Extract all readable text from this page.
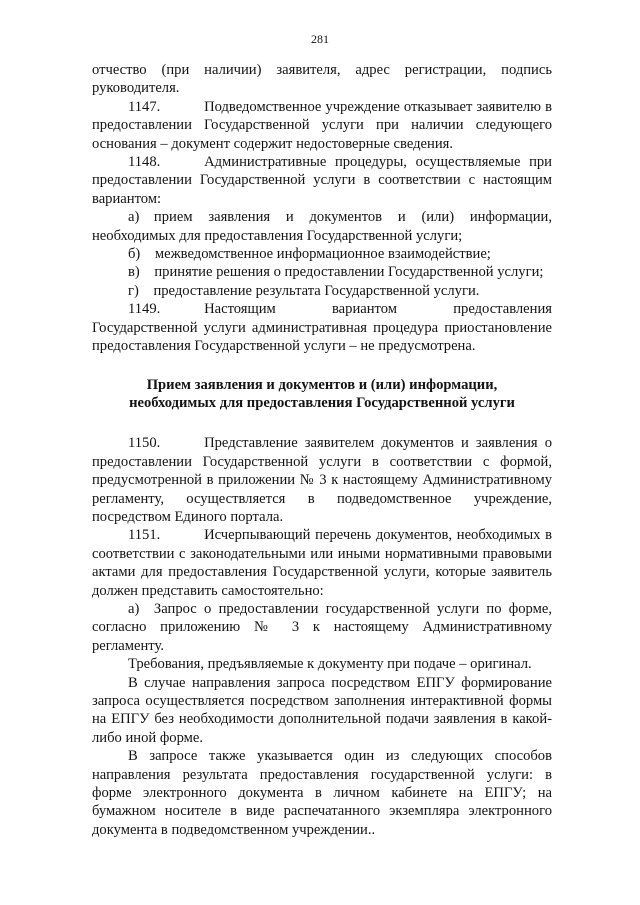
281

отчество (при наличии) заявителя, адрес регистрации, подпись руководителя.

1147.   Подведомственное учреждение отказывает заявителю в предоставлении Государственной услуги при наличии следующего основания – документ содержит недостоверные сведения.

1148.   Административные процедуры, осуществляемые при предоставлении Государственной услуги в соответствии с настоящим вариантом:

а) прием заявления и документов и (или) информации, необходимых для предоставления Государственной услуги;

б) межведомственное информационное взаимодействие;

в) принятие решения о предоставлении Государственной услуги;

г) предоставление результата Государственной услуги.

1149.   Настоящим вариантом предоставления Государственной услуги административная процедура приостановление предоставления Государственной услуги – не предусмотрена.

Прием заявления и документов и (или) информации,
необходимых для предоставления Государственной услуги

1150.   Представление заявителем документов и заявления о предоставлении Государственной услуги в соответствии с формой, предусмотренной в приложении № 3 к настоящему Административному регламенту, осуществляется в подведомственное учреждение, посредством Единого портала.

1151.   Исчерпывающий перечень документов, необходимых в соответствии с законодательными или иными нормативными правовыми актами для предоставления Государственной услуги, которые заявитель должен представить самостоятельно:

а) Запрос о предоставлении государственной услуги по форме, согласно приложению № 3 к настоящему Административному регламенту.

Требования, предъявляемые к документу при подаче – оригинал.

В случае направления запроса посредством ЕПГУ формирование запроса осуществляется посредством заполнения интерактивной формы на ЕПГУ без необходимости дополнительной подачи заявления в какой-либо иной форме.

В запросе также указывается один из следующих способов направления результата предоставления государственной услуги: в форме электронного документа в личном кабинете на ЕПГУ; на бумажном носителе в виде распечатанного экземпляра электронного документа в подведомственном учреждении..
